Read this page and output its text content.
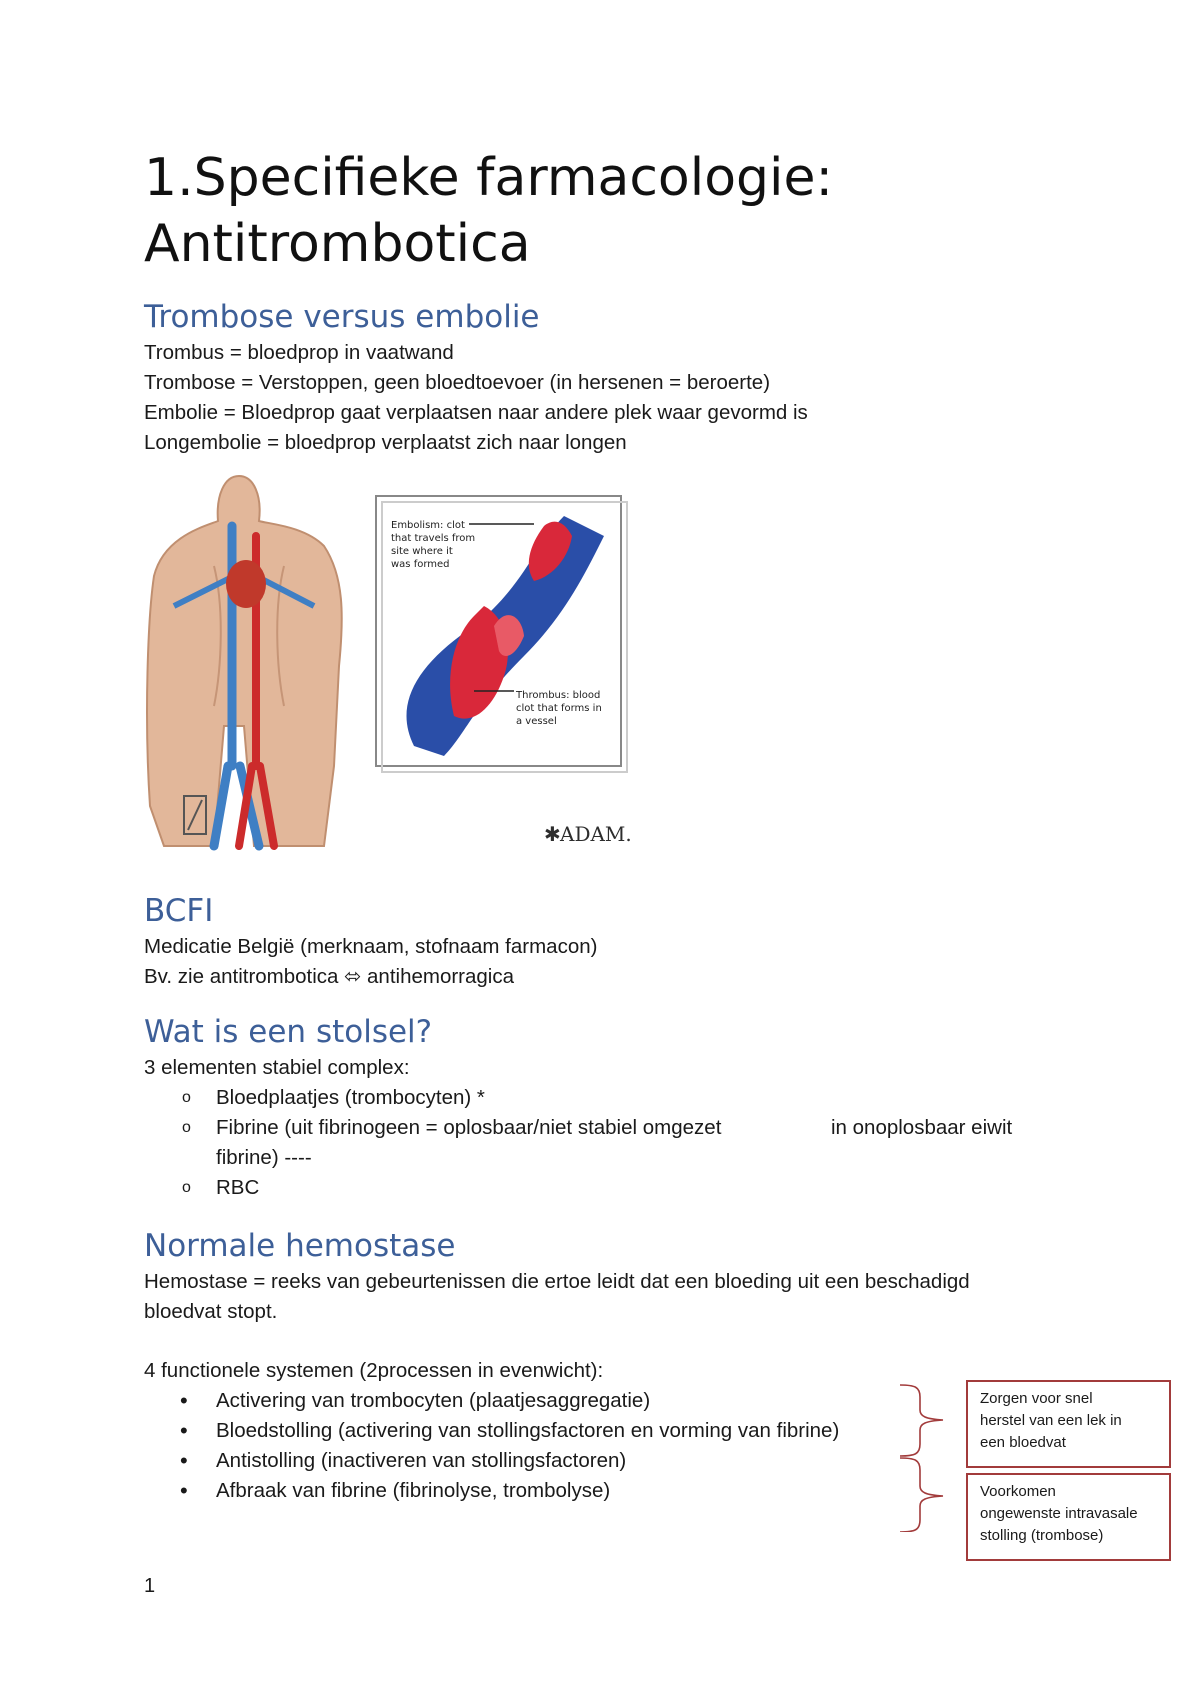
1.Specifieke farmacologie: Antitrombotica
Trombose versus embolie
Trombus = bloedprop in vaatwand
Trombose = Verstoppen, geen bloedtoevoer (in hersenen = beroerte)
Embolie = Bloedprop gaat verplaatsen naar andere plek waar gevormd is
Longembolie = bloedprop verplaatst zich naar longen
Embolism: clot
that travels from
site where it
was formed
Thrombus: blood
clot that forms in
a vessel
✱ ADAM.
BCFI
Medicatie België (merknaam, stofnaam farmacon)
Bv. zie antitrombotica ⬄ antihemorragica
Wat is een stolsel?
3 elementen stabiel complex:
o Bloedplaatjes (trombocyten) *
o Fibrine (uit fibrinogeen = oplosbaar/niet stabiel omgezet	in onoplosbaar eiwit
fibrine) ----
o RBC
Normale hemostase
Hemostase = reeks van gebeurtenissen die ertoe leidt dat een bloeding uit een beschadigd
bloedvat stopt.
4 functionele systemen (2processen in evenwicht):
• Activering van trombocyten (plaatjesaggregatie)
• Bloedstolling (activering van stollingsfactoren en vorming van fibrine)
• Antistolling (inactiveren van stollingsfactoren)
• Afbraak van fibrine (fibrinolyse, trombolyse)
Zorgen voor snel
herstel van een lek in
een bloedvat
Voorkomen
ongewenste intravasale
stolling (trombose)
1
